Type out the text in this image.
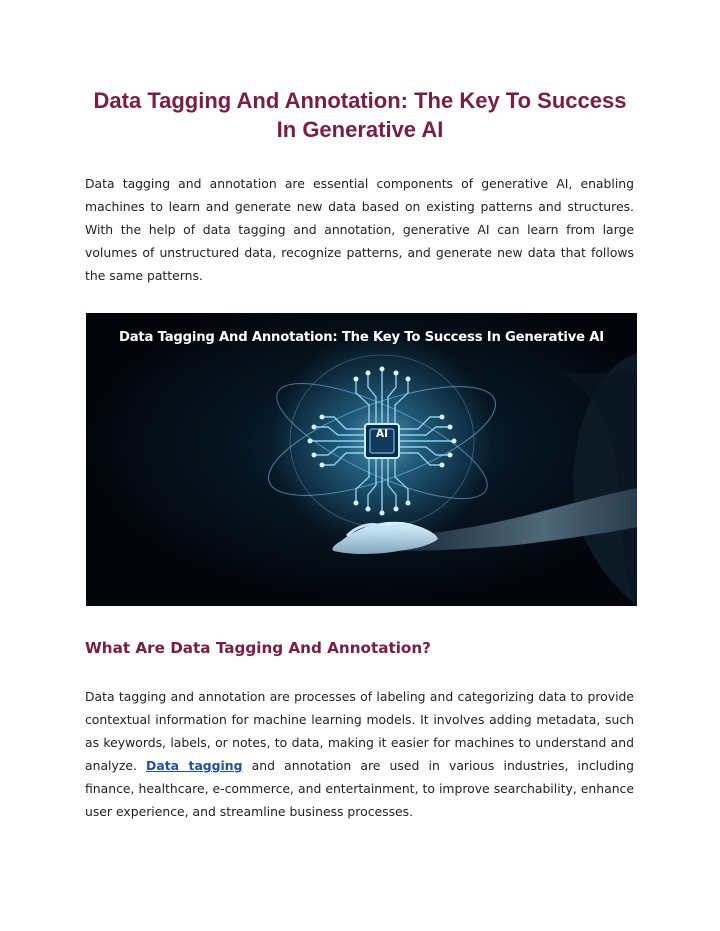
Data Tagging And Annotation: The Key To Success In Generative AI

Data tagging and annotation are essential components of generative AI, enabling machines to learn and generate new data based on existing patterns and structures. With the help of data tagging and annotation, generative AI can learn from large volumes of unstructured data, recognize patterns, and generate new data that follows the same patterns.

Data Tagging And Annotation: The Key To Success In Generative AI
AI
What Are Data Tagging And Annotation?

Data tagging and annotation are processes of labeling and categorizing data to provide contextual information for machine learning models. It involves adding metadata, such as keywords, labels, or notes, to data, making it easier for machines to understand and analyze. Data tagging and annotation are used in various industries, including finance, healthcare, e-commerce, and entertainment, to improve searchability, enhance user experience, and streamline business processes.
